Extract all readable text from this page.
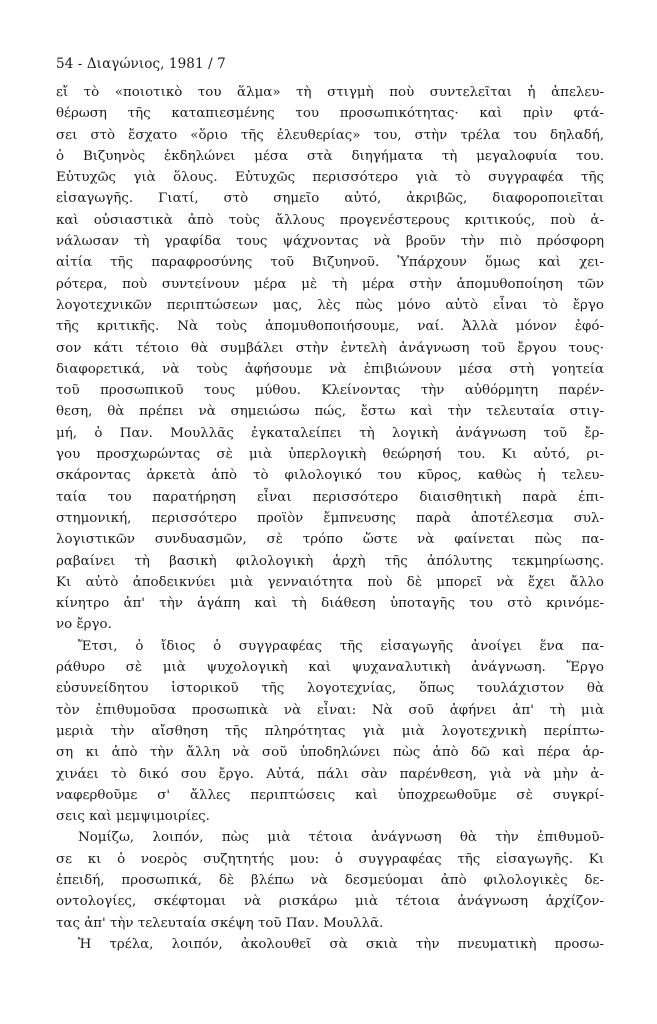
54 - Διαγώνιος, 1981 / 7
εἴ τὸ «ποιοτικὸ του ἅλμα» τὴ στιγμὴ ποὺ συντελεῖται ἡ ἀπελευ-
θέρωση τῆς καταπιεσμένης του προσωπικότητας· καὶ πρὶν φτά-
σει στὸ ἔσχατο «ὅριο τῆς ἐλευθερίας» του, στὴν τρέλα του δηλαδή,
ὁ Βιζυηνὸς ἐκδηλώνει μέσα στὰ διηγήματα τὴ μεγαλοφυία του.
Εὐτυχῶς γιὰ ὅλους. Εὐτυχῶς περισσότερο γιὰ τὸ συγγραφέα τῆς
εἰσαγωγῆς. Γιατί, στὸ σημεῖο αὐτό, ἀκριβῶς, διαφοροποιεῖται
καὶ οὐσιαστικὰ ἀπὸ τοὺς ἄλλους προγενέστερους κριτικούς, ποὺ ἀ-
νάλωσαν τὴ γραφίδα τους ψάχνοντας νὰ βροῦν τὴν πιὸ πρόσφορη
αἰτία τῆς παραφροσύνης τοῦ Βιζυηνοῦ. Ὑπάρχουν ὅμως καὶ χει-
ρότερα, ποὺ συντείνουν μέρα μὲ τὴ μέρα στὴν ἀπομυθοποίηση τῶν
λογοτεχνικῶν περιπτώσεων μας, λὲς πὼς μόνο αὐτὸ εἶναι τὸ ἔργο
τῆς κριτικῆς. Νὰ τοὺς ἀπομυθοποιήσουμε, ναί. Ἀλλὰ μόνον ἐφό-
σον κάτι τέτοιο θὰ συμβάλει στὴν ἐντελὴ ἀνάγνωση τοῦ ἔργου τους·
διαφορετικά, νὰ τοὺς ἀφήσουμε νὰ ἐπιβιώνουν μέσα στὴ γοητεία
τοῦ προσωπικοῦ τους μύθου. Κλείνοντας τὴν αὐθόρμητη παρέν-
θεση, θὰ πρέπει νὰ σημειώσω πώς, ἔστω καὶ τὴν τελευταία στιγ-
μή, ὁ Παν. Μουλλᾶς ἐγκαταλείπει τὴ λογικὴ ἀνάγνωση τοῦ ἔρ-
γου προσχωρώντας σὲ μιὰ ὑπερλογικὴ θεώρησή του. Κι αὐτό, ρι-
σκάροντας ἀρκετὰ ἀπὸ τὸ φιλολογικό του κῦρος, καθὼς ἡ τελευ-
ταία του παρατήρηση εἶναι περισσότερο διαισθητικὴ παρὰ ἐπι-
στημονική, περισσότερο προϊὸν ἔμπνευσης παρὰ ἀποτέλεσμα συλ-
λογιστικῶν συνδυασμῶν, σὲ τρόπο ὥστε νὰ φαίνεται πὼς πα-
ραβαίνει τὴ βασικὴ φιλολογικὴ ἀρχὴ τῆς ἀπόλυτης τεκμηρίωσης.
Κι αὐτὸ ἀποδεικνύει μιὰ γενναιότητα ποὺ δὲ μπορεῖ νὰ ἔχει ἄλλο
κίνητρο ἀπ' τὴν ἀγάπη καὶ τὴ διάθεση ὑποταγῆς του στὸ κρινόμε-
νο ἔργο.
Ἔτσι, ὁ ἴδιος ὁ συγγραφέας τῆς εἰσαγωγῆς ἀνοίγει ἕνα πα-
ράθυρο σὲ μιὰ ψυχολογικὴ καὶ ψυχαναλυτικὴ ἀνάγνωση. Ἔργο
εὐσυνείδητου ἱστορικοῦ τῆς λογοτεχνίας, ὅπως τουλάχιστον θὰ
τὸν ἐπιθυμοῦσα προσωπικὰ νὰ εἶναι: Νὰ σοῦ ἀφήνει ἀπ' τὴ μιὰ
μεριὰ τὴν αἴσθηση τῆς πληρότητας γιὰ μιὰ λογοτεχνικὴ περίπτω-
ση κι ἀπὸ τὴν ἄλλη νὰ σοῦ ὑποδηλώνει πὼς ἀπὸ δῶ καὶ πέρα ἀρ-
χινάει τὸ δικό σου ἔργο. Αὐτά, πάλι σὰν παρένθεση, γιὰ νὰ μὴν ἀ-
ναφερθοῦμε σ' ἄλλες περιπτώσεις καὶ ὑποχρεωθοῦμε σὲ συγκρί-
σεις καὶ μεμψιμοιρίες.
Νομίζω, λοιπόν, πὼς μιὰ τέτοια ἀνάγνωση θὰ τὴν ἐπιθυμοῦ-
σε κι ὁ νοερὸς συζητητής μου: ὁ συγγραφέας τῆς εἰσαγωγῆς. Κι
ἐπειδή, προσωπικά, δὲ βλέπω νὰ δεσμεύομαι ἀπὸ φιλολογικὲς δε-
οντολογίες, σκέφτομαι νὰ ρισκάρω μιὰ τέτοια ἀνάγνωση ἀρχίζον-
τας ἀπ' τὴν τελευταία σκέψη τοῦ Παν. Μουλλᾶ.
Ἡ τρέλα, λοιπόν, ἀκολουθεῖ σὰ σκιὰ τὴν πνευματικὴ προσω-
